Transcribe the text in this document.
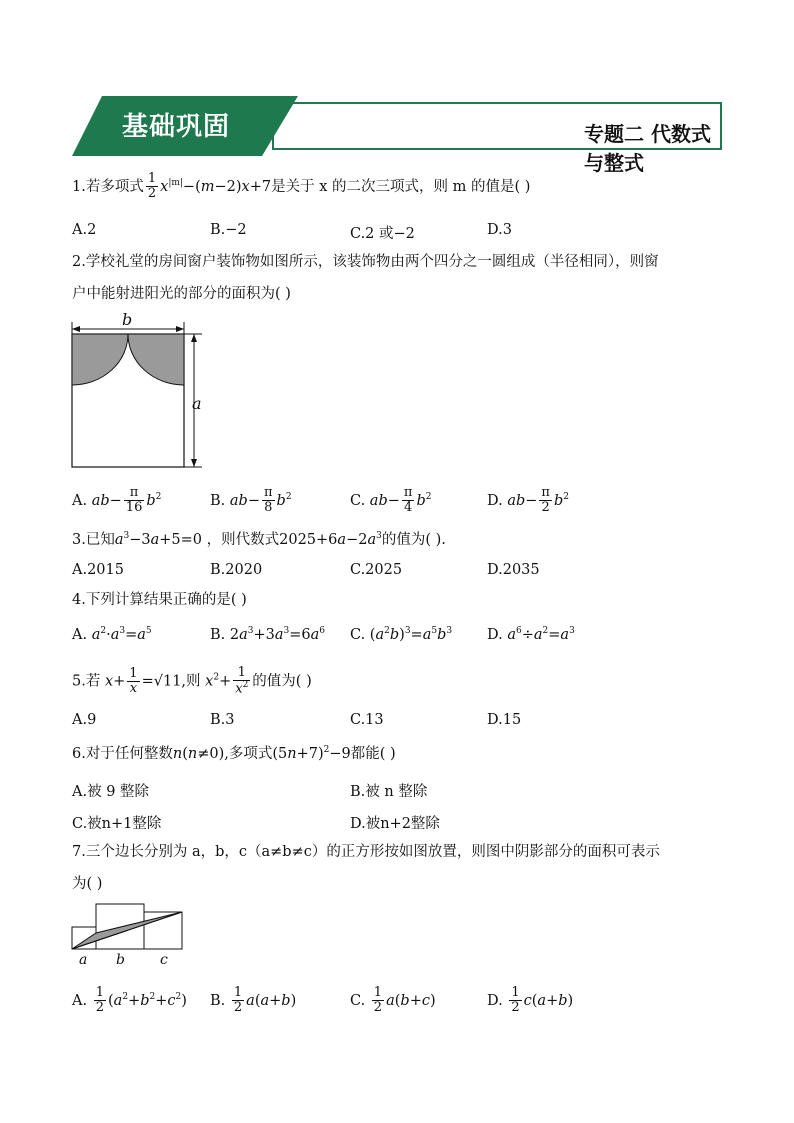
专题二 代数式与整式
基础巩固
1.若多项式 $\frac{1}{2} x^{|m|}-(m-2)x+7$是关于 x 的二次三项式，则 m 的值是( )
A.2	B.−2	C.2 或−2	D.3
2.学校礼堂的房间窗户装饰物如图所示，该装饰物由两个四分之一圆组成（半径相同），则窗
户中能射进阳光的部分的面积为( )
b
a
A. $ab- \frac{\pi}{16} b^2$	B. $ab- \frac{\pi}{8} b^2$	C. $ab- \frac{\pi}{4} b^2$	D. $ab- \frac{\pi}{2} b^2$
3.已知$a^3-3a+5=0$ ，则代数式$2025+6a-2a^3$的值为( ).
A.2015	B.2020	C.2025	D.2035
4.下列计算结果正确的是( )
A. $a^2\cdot a^3=a^5$	B. $2a^3+3a^3=6a^6$ C. $(a^2b)^3=a^5b^3$ D. $a^6\div a^2=a^3$
5.若 $x+ \frac{1}{x} =√11$,则 $x^2+ \frac{1}{x^2}$ 的值为( )
A.9	B.3	C.13	D.15
6.对于任何整数n(n≠0),多项式$(5n+7)^2-9$都能( )
A.被 9 整除	B.被 n 整除
C.被n+1整除	D.被n+2整除
7.三个边长分别为 a，b，c（a≠b≠c）的正方形按如图放置，则图中阴影部分的面积可表示
为( )
a b	c
A. $\frac{1}{2} (a^2+b^2+c^2)$ B. $\frac{1}{2} a(a+b)$	C. $\frac{1}{2} a(b+c)$	D. $\frac{1}{2} c(a+b)$
